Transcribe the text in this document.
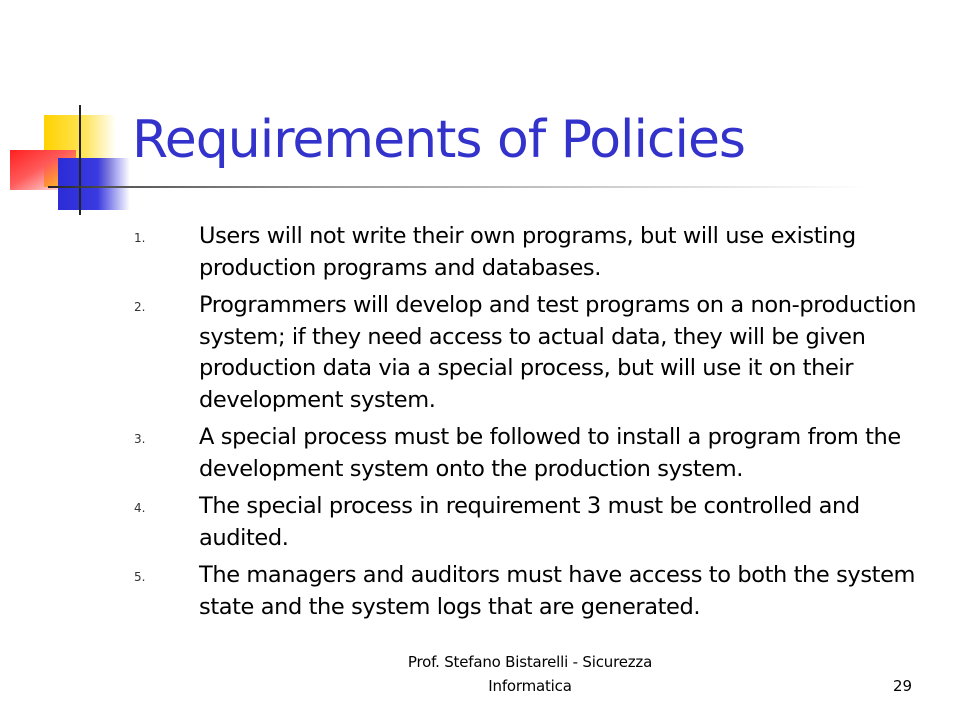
Requirements of Policies
1. Users will not write their own programs, but will use existing production programs and databases.
2. Programmers will develop and test programs on a non-production system; if they need access to actual data, they will be given production data via a special process, but will use it on their development system.
3. A special process must be followed to install a program from the development system onto the production system.
4. The special process in requirement 3 must be controlled and audited.
5. The managers and auditors must have access to both the system state and the system logs that are generated.
Prof. Stefano Bistarelli - Sicurezza Informatica	29
